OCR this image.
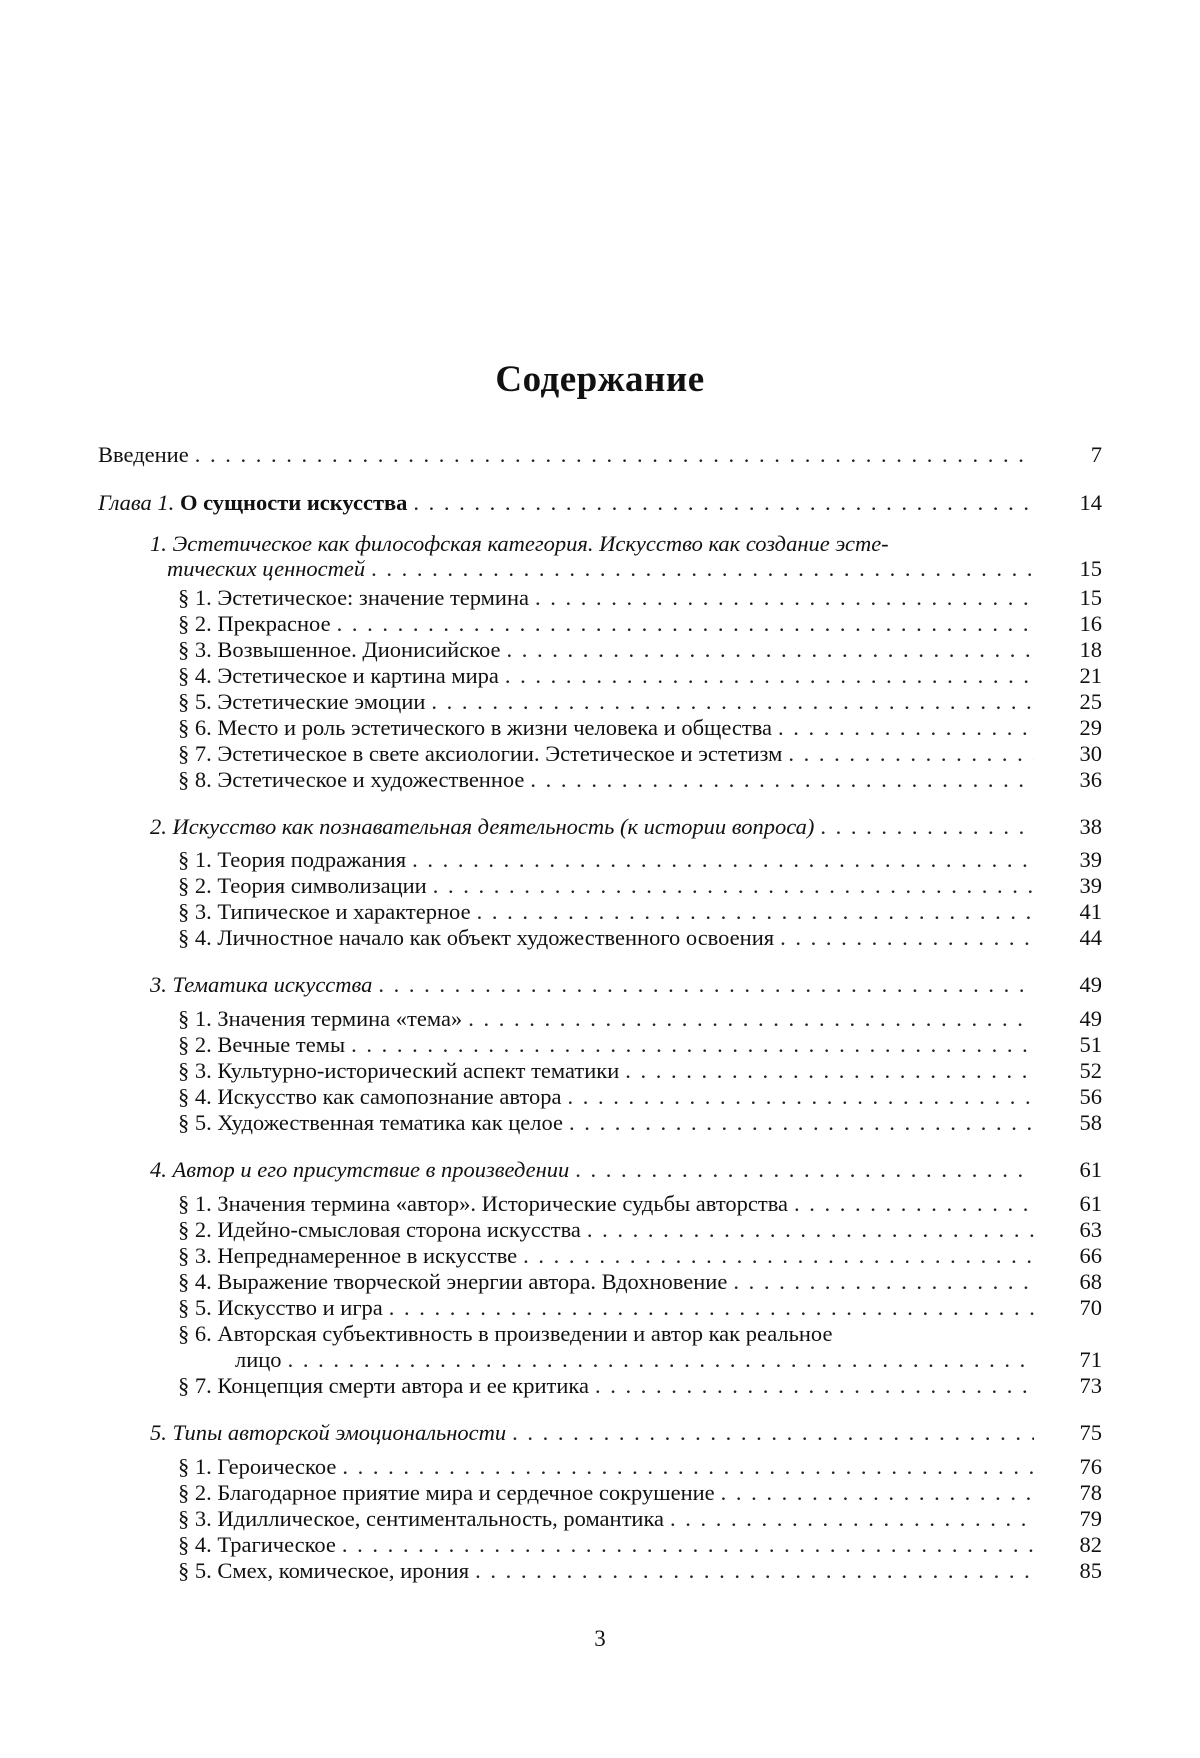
Содержание
Введение . . .	7
Глава 1. О сущности искусства . . .	14
1. Эстетическое как философская категория. Искусство как создание эсте-
тических ценностей . . .	15
§ 1. Эстетическое: значение термина . . .	15
§ 2. Прекрасное . . .	16
§ 3. Возвышенное. Дионисийское . . .	18
§ 4. Эстетическое и картина мира . . .	21
§ 5. Эстетические эмоции . . .	25
§ 6. Место и роль эстетического в жизни человека и общества . . .	29
§ 7. Эстетическое в свете аксиологии. Эстетическое и эстетизм . . .	30
§ 8. Эстетическое и художественное . . .	36
2. Искусство как познавательная деятельность (к истории вопроса) . . .	38
§ 1. Теория подражания . . .	39
§ 2. Теория символизации . . .	39
§ 3. Типическое и характерное . . .	41
§ 4. Личностное начало как объект художественного освоения . . .	44
3. Тематика искусства . . .	49
§ 1. Значения термина «тема» . . .	49
§ 2. Вечные темы . . .	51
§ 3. Культурно-исторический аспект тематики . . .	52
§ 4. Искусство как самопознание автора . . .	56
§ 5. Художественная тематика как целое . . .	58
4. Автор и его присутствие в произведении . . .	61
§ 1. Значения термина «автор». Исторические судьбы авторства . . .	61
§ 2. Идейно-смысловая сторона искусства . . .	63
§ 3. Непреднамеренное в искусстве . . .	66
§ 4. Выражение творческой энергии автора. Вдохновение . . .	68
§ 5. Искусство и игра . . .	70
§ 6. Авторская субъективность в произведении и автор как реальное
лицо . . .	71
§ 7. Концепция смерти автора и ее критика . . .	73
5. Типы авторской эмоциональности . . .	75
§ 1. Героическое . . .	76
§ 2. Благодарное приятие мира и сердечное сокрушение . . .	78
§ 3. Идиллическое, сентиментальность, романтика . . .	79
§ 4. Трагическое . . .	82
§ 5. Смех, комическое, ирония . . .	85
3
